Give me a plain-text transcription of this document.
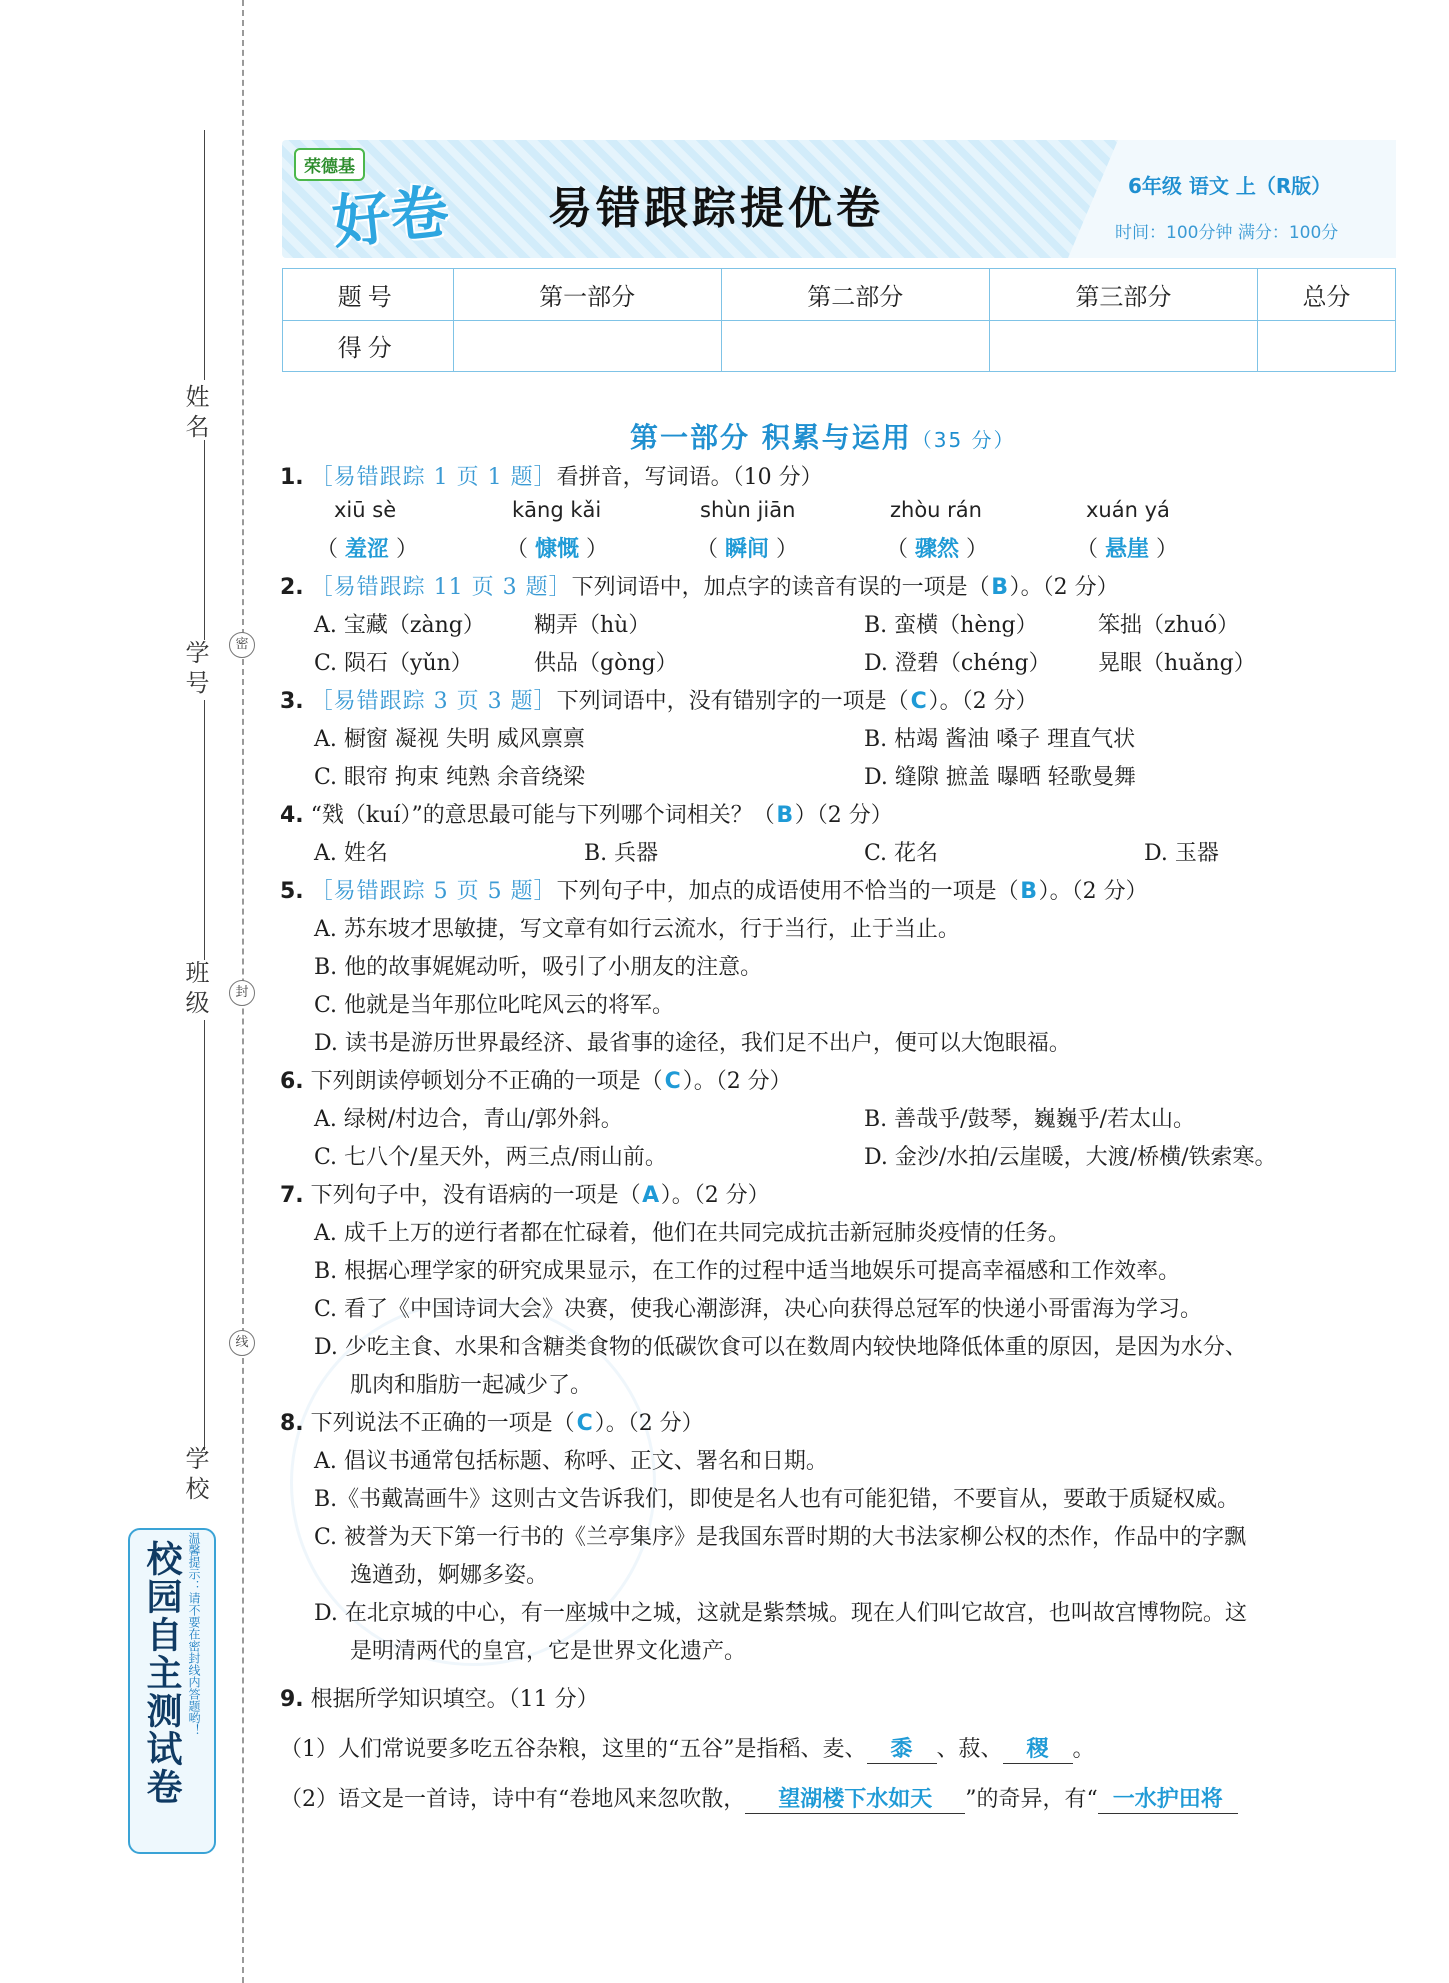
姓名
学号
班级
学校
密
封
线
校园自主测试卷 温馨提示：请不要在密封线内答题哟！
荣德基
好卷 易错跟踪提优卷	6年级 语文 上（R版）
时间：100分钟 满分：100分
题号	第一部分	第二部分	第三部分	总分
得分				
第一部分 积累与运用（35 分）
1. ［易错跟踪 1 页 1 题］看拼音，写词语。（10 分）
xiū sè	kāng kǎi	shùn jiān	zhòu rán	xuán yá
（ 羞涩 ）	（ 慷慨 ）	（ 瞬间 ）	（ 骤然 ）	（ 悬崖 ）
2. ［易错跟踪 11 页 3 题］下列词语中，加点字的读音有误的一项是（B）。（2 分）
A. 宝藏（zàng） 糊弄（hù）	B. 蛮横（hèng）	笨拙（zhuó）
C. 陨石（yǔn）	供品（gòng）	D. 澄碧（chéng） 晃眼（huǎng）
3. ［易错跟踪 3 页 3 题］下列词语中，没有错别字的一项是（C）。（2 分）
A. 橱窗 凝视 失明 威风禀禀	B. 枯竭 酱油 嗓子 理直气状
C. 眼帘 拘束 纯熟 余音绕梁	D. 缝隙 摭盖 曝晒 轻歌曼舞
4. “戣（kuí）”的意思最可能与下列哪个词相关？（B）（2 分）
A. 姓名	B. 兵器	C. 花名	D. 玉器
5. ［易错跟踪 5 页 5 题］下列句子中，加点的成语使用不恰当的一项是（B）。（2 分）
A. 苏东坡才思敏捷，写文章有如行云流水，行于当行，止于当止。
B. 他的故事娓娓动听，吸引了小朋友的注意。
C. 他就是当年那位叱咤风云的将军。
D. 读书是游历世界最经济、最省事的途径，我们足不出户，便可以大饱眼福。
6. 下列朗读停顿划分不正确的一项是（C）。（2 分）
A. 绿树/村边合，青山/郭外斜。	B. 善哉乎/鼓琴，巍巍乎/若太山。
C. 七八个/星天外，两三点/雨山前。	D. 金沙/水拍/云崖暖，大渡/桥横/铁索寒。
7. 下列句子中，没有语病的一项是（A）。（2 分）
A. 成千上万的逆行者都在忙碌着，他们在共同完成抗击新冠肺炎疫情的任务。
B. 根据心理学家的研究成果显示，在工作的过程中适当地娱乐可提高幸福感和工作效率。
C. 看了《中国诗词大会》决赛，使我心潮澎湃，决心向获得总冠军的快递小哥雷海为学习。
D. 少吃主食、水果和含糖类食物的低碳饮食可以在数周内较快地降低体重的原因，是因为水分、
肌肉和脂肪一起减少了。
8. 下列说法不正确的一项是（C）。（2 分）
A. 倡议书通常包括标题、称呼、正文、署名和日期。
B.《书戴嵩画牛》这则古文告诉我们，即使是名人也有可能犯错，不要盲从，要敢于质疑权威。
C. 被誉为天下第一行书的《兰亭集序》是我国东晋时期的大书法家柳公权的杰作，作品中的字飘
逸遒劲，婀娜多姿。
D. 在北京城的中心，有一座城中之城，这就是紫禁城。现在人们叫它故宫，也叫故宫博物院。这
是明清两代的皇宫，它是世界文化遗产。
9. 根据所学知识填空。（11 分）
（1）人们常说要多吃五谷杂粮，这里的“五谷”是指稻、麦、 黍 、菽、 稷 。
（2）语文是一首诗，诗中有“卷地风来忽吹散， 望湖楼下水如天 ”的奇异，有“ 一水护田将
